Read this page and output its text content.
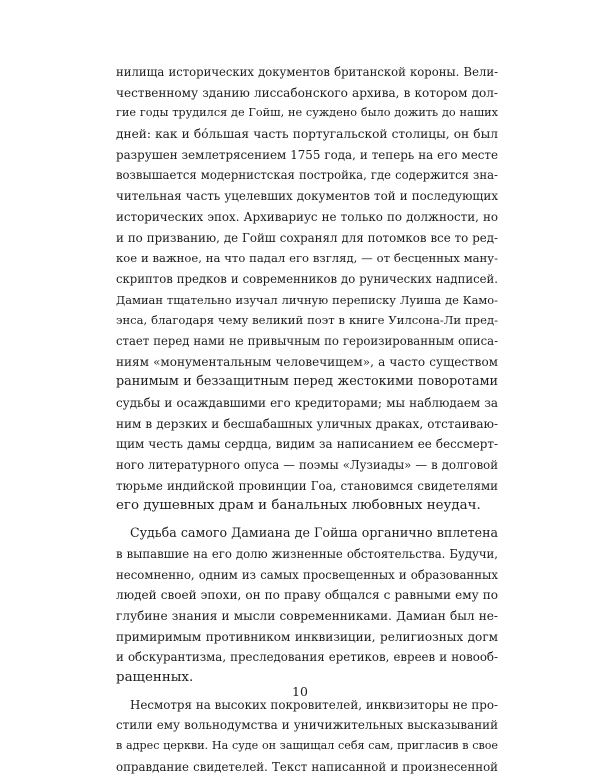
нилища исторических документов британской короны. Вели-
чественному зданию лиссабонского архива, в котором дол-
гие годы трудился де Гойш, не суждено было дожить до наших
дней: как и бóльшая часть португальской столицы, он был
разрушен землетрясением 1755 года, и теперь на его месте
возвышается модернистская постройка, где содержится зна-
чительная часть уцелевших документов той и последующих
исторических эпох. Архивариус не только по должности, но
и по призванию, де Гойш сохранял для потомков все то ред-
кое и важное, на что падал его взгляд, — от бесценных ману-
скриптов предков и современников до рунических надписей.
Дамиан тщательно изучал личную переписку Луиша де Камо-
энса, благодаря чему великий поэт в книге Уилсона-Ли пред-
стает перед нами не привычным по героизированным описа-
ниям «монументальным человечищем», а часто существом
ранимым и беззащитным перед жестокими поворотами
судьбы и осаждавшими его кредиторами; мы наблюдаем за
ним в дерзких и бесшабашных уличных драках, отстаиваю-
щим честь дамы сердца, видим за написанием ее бессмерт-
ного литературного опуса — поэмы «Лузиады» — в долговой
тюрьме индийской провинции Гоа, становимся свидетелями
его душевных драм и банальных любовных неудач.
Судьба самого Дамиана де Гойша органично вплетена
в выпавшие на его долю жизненные обстоятельства. Будучи,
несомненно, одним из самых просвещенных и образованных
людей своей эпохи, он по праву общался с равными ему по
глубине знания и мысли современниками. Дамиан был не-
примиримым противником инквизиции, религиозных догм
и обскурантизма, преследования еретиков, евреев и новооб-
ращенных.
Несмотря на высоких покровителей, инквизиторы не про-
стили ему вольнодумства и уничижительных высказываний
в адрес церкви. На суде он защищал себя сам, пригласив в свое
оправдание свидетелей. Текст написанной и произнесенной
10
